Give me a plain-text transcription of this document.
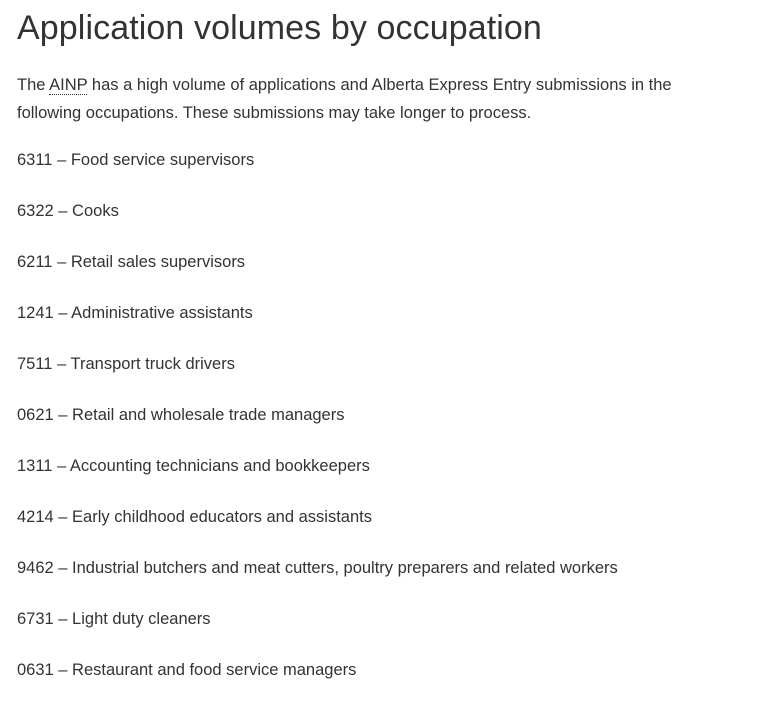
Application volumes by occupation

The AINP has a high volume of applications and Alberta Express Entry submissions in the following occupations. These submissions may take longer to process.

6311 – Food service supervisors
6322 – Cooks
6211 – Retail sales supervisors
1241 – Administrative assistants
7511 – Transport truck drivers
0621 – Retail and wholesale trade managers
1311 – Accounting technicians and bookkeepers
4214 – Early childhood educators and assistants
9462 – Industrial butchers and meat cutters, poultry preparers and related workers
6731 – Light duty cleaners
0631 – Restaurant and food service managers
